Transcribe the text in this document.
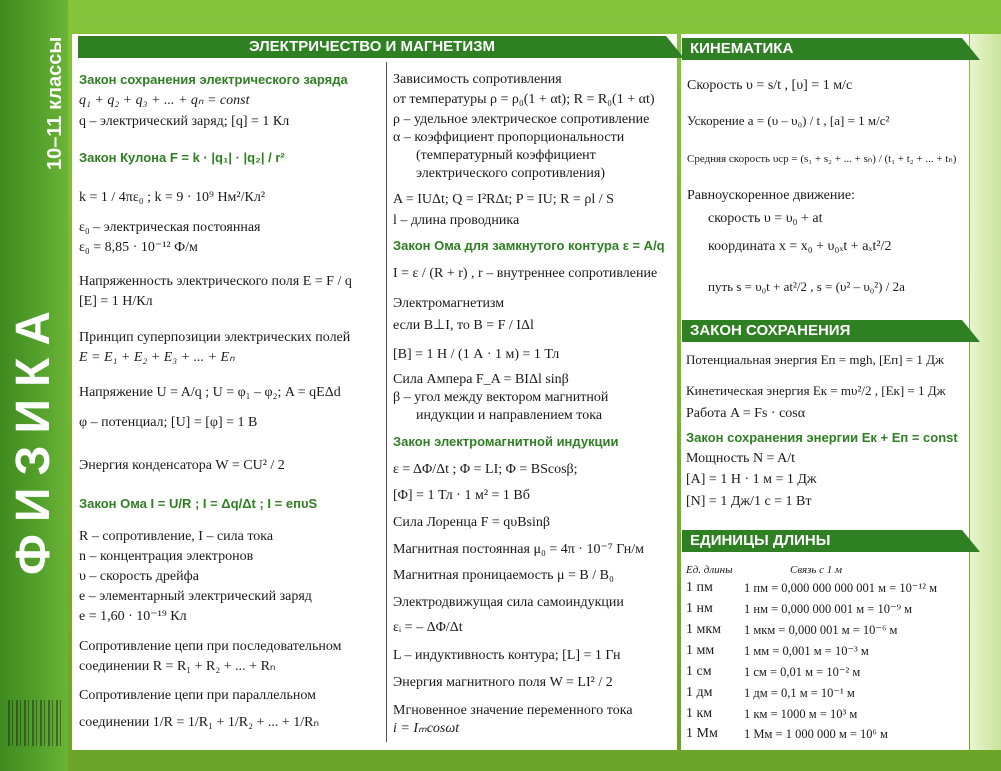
ФИЗИКА
10–11 классы	ЭЛЕКТРИЧЕСТВО И МАГНЕТИЗМ	КИНЕМАТИКА
ЗАКОН СОХРАНЕНИЯ
ЕДИНИЦЫ ДЛИНЫ
Закон сохранения электрического заряда
q₁ + q₂ + q₃ + ... + qₙ = const
q – электрический заряд; [q] = 1 Кл
Закон Кулона F = k · |q₁| · |q₂| / r²
k = 1 / 4πε₀ ; k = 9 · 10⁹ Нм²/Кл²
ε₀ – электрическая постоянная
ε₀ = 8,85 · 10⁻¹² Ф/м
Напряженность электрического поля E = F / q
[E] = 1 Н/Кл
Принцип суперпозиции электрических полей
E = E₁ + E₂ + E₃ + ... + Eₙ
Напряжение U = A/q ; U = φ₁ – φ₂; A = qEΔd
φ – потенциал; [U] = [φ] = 1 В
Энергия конденсатора W = CU² / 2
Закон Ома I = U/R ; I = Δq/Δt ; I = eпυS
R – сопротивление, I – сила тока
n – концентрация электронов
υ – скорость дрейфа
е – элементарный электрический заряд
е = 1,60 · 10⁻¹⁹ Кл
Сопротивление цепи при последовательном
соединении R = R₁ + R₂ + ... + Rₙ
Сопротивление цепи при параллельном
соединении 1/R = 1/R₁ + 1/R₂ + ... + 1/Rₙ
Зависимость сопротивления
от температуры ρ = ρ₀(1 + αt); R = R₀(1 + αt)
ρ – удельное электрическое сопротивление
α – коэффициент пропорциональности
(температурный коэффициент
электрического сопротивления)
A = IUΔt; Q = I²RΔt; P = IU; R = ρl / S
l – длина проводника
Закон Ома для замкнутого контура ε = A/q
I = ε / (R + r) , r – внутреннее сопротивление
Электромагнетизм
если B⊥I, то B = F / IΔl
[B] = 1 Н / (1 А · 1 м) = 1 Тл
Сила Ампера F_A = BIΔl sinβ
β – угол между вектором магнитной
индукции и направлением тока
Закон электромагнитной индукции
ε = ΔΦ/Δt ; Φ = LI; Φ = BScosβ;
[Φ] = 1 Тл · 1 м² = 1 Вб
Сила Лоренца F = qυBsinβ
Магнитная постоянная μ₀ = 4π · 10⁻⁷ Гн/м
Магнитная проницаемость μ = B / B₀
Электродвижущая сила самоиндукции
εᵢ = – ΔΦ/Δt
L – индуктивность контура; [L] = 1 Гн
Энергия магнитного поля W = LI² / 2
Мгновенное значение переменного тока
i = Iₘcosωt
Скорость υ = s/t , [υ] = 1 м/с
Ускорение a = (υ – υ₀) / t , [a] = 1 м/с²
Средняя скорость υср = (s₁ + s₂ + ... + sₙ) / (t₁ + t₂ + ... + tₙ)
Равноускоренное движение:
скорость υ = υ₀ + at
координата x = x₀ + υ₀ₓt + aₓt²/2
путь s = υ₀t + at²/2 , s = (υ² – υ₀²) / 2a
Потенциальная энергия Eп = mgh, [Eп] = 1 Дж
Кинетическая энергия Eк = mυ²/2 , [Eк] = 1 Дж
Работа A = Fs · cosα
Закон сохранения энергии Eк + Eп = const
Мощность N = A/t
[A] = 1 Н · 1 м = 1 Дж
[N] = 1 Дж/1 с = 1 Вт
Ед. длины	Связь с 1 м
1 пм 1 пм = 0,000 000 000 001 м = 10⁻¹² м
1 нм 1 нм = 0,000 000 001 м = 10⁻⁹ м
1 мкм 1 мкм = 0,000 001 м = 10⁻⁶ м
1 мм 1 мм = 0,001 м = 10⁻³ м
1 см	1 см = 0,01 м = 10⁻² м
1 дм	1 дм = 0,1 м = 10⁻¹ м
1 км	1 км = 1000 м = 10³ м
1 Мм 1 Мм = 1 000 000 м = 10⁶ м
